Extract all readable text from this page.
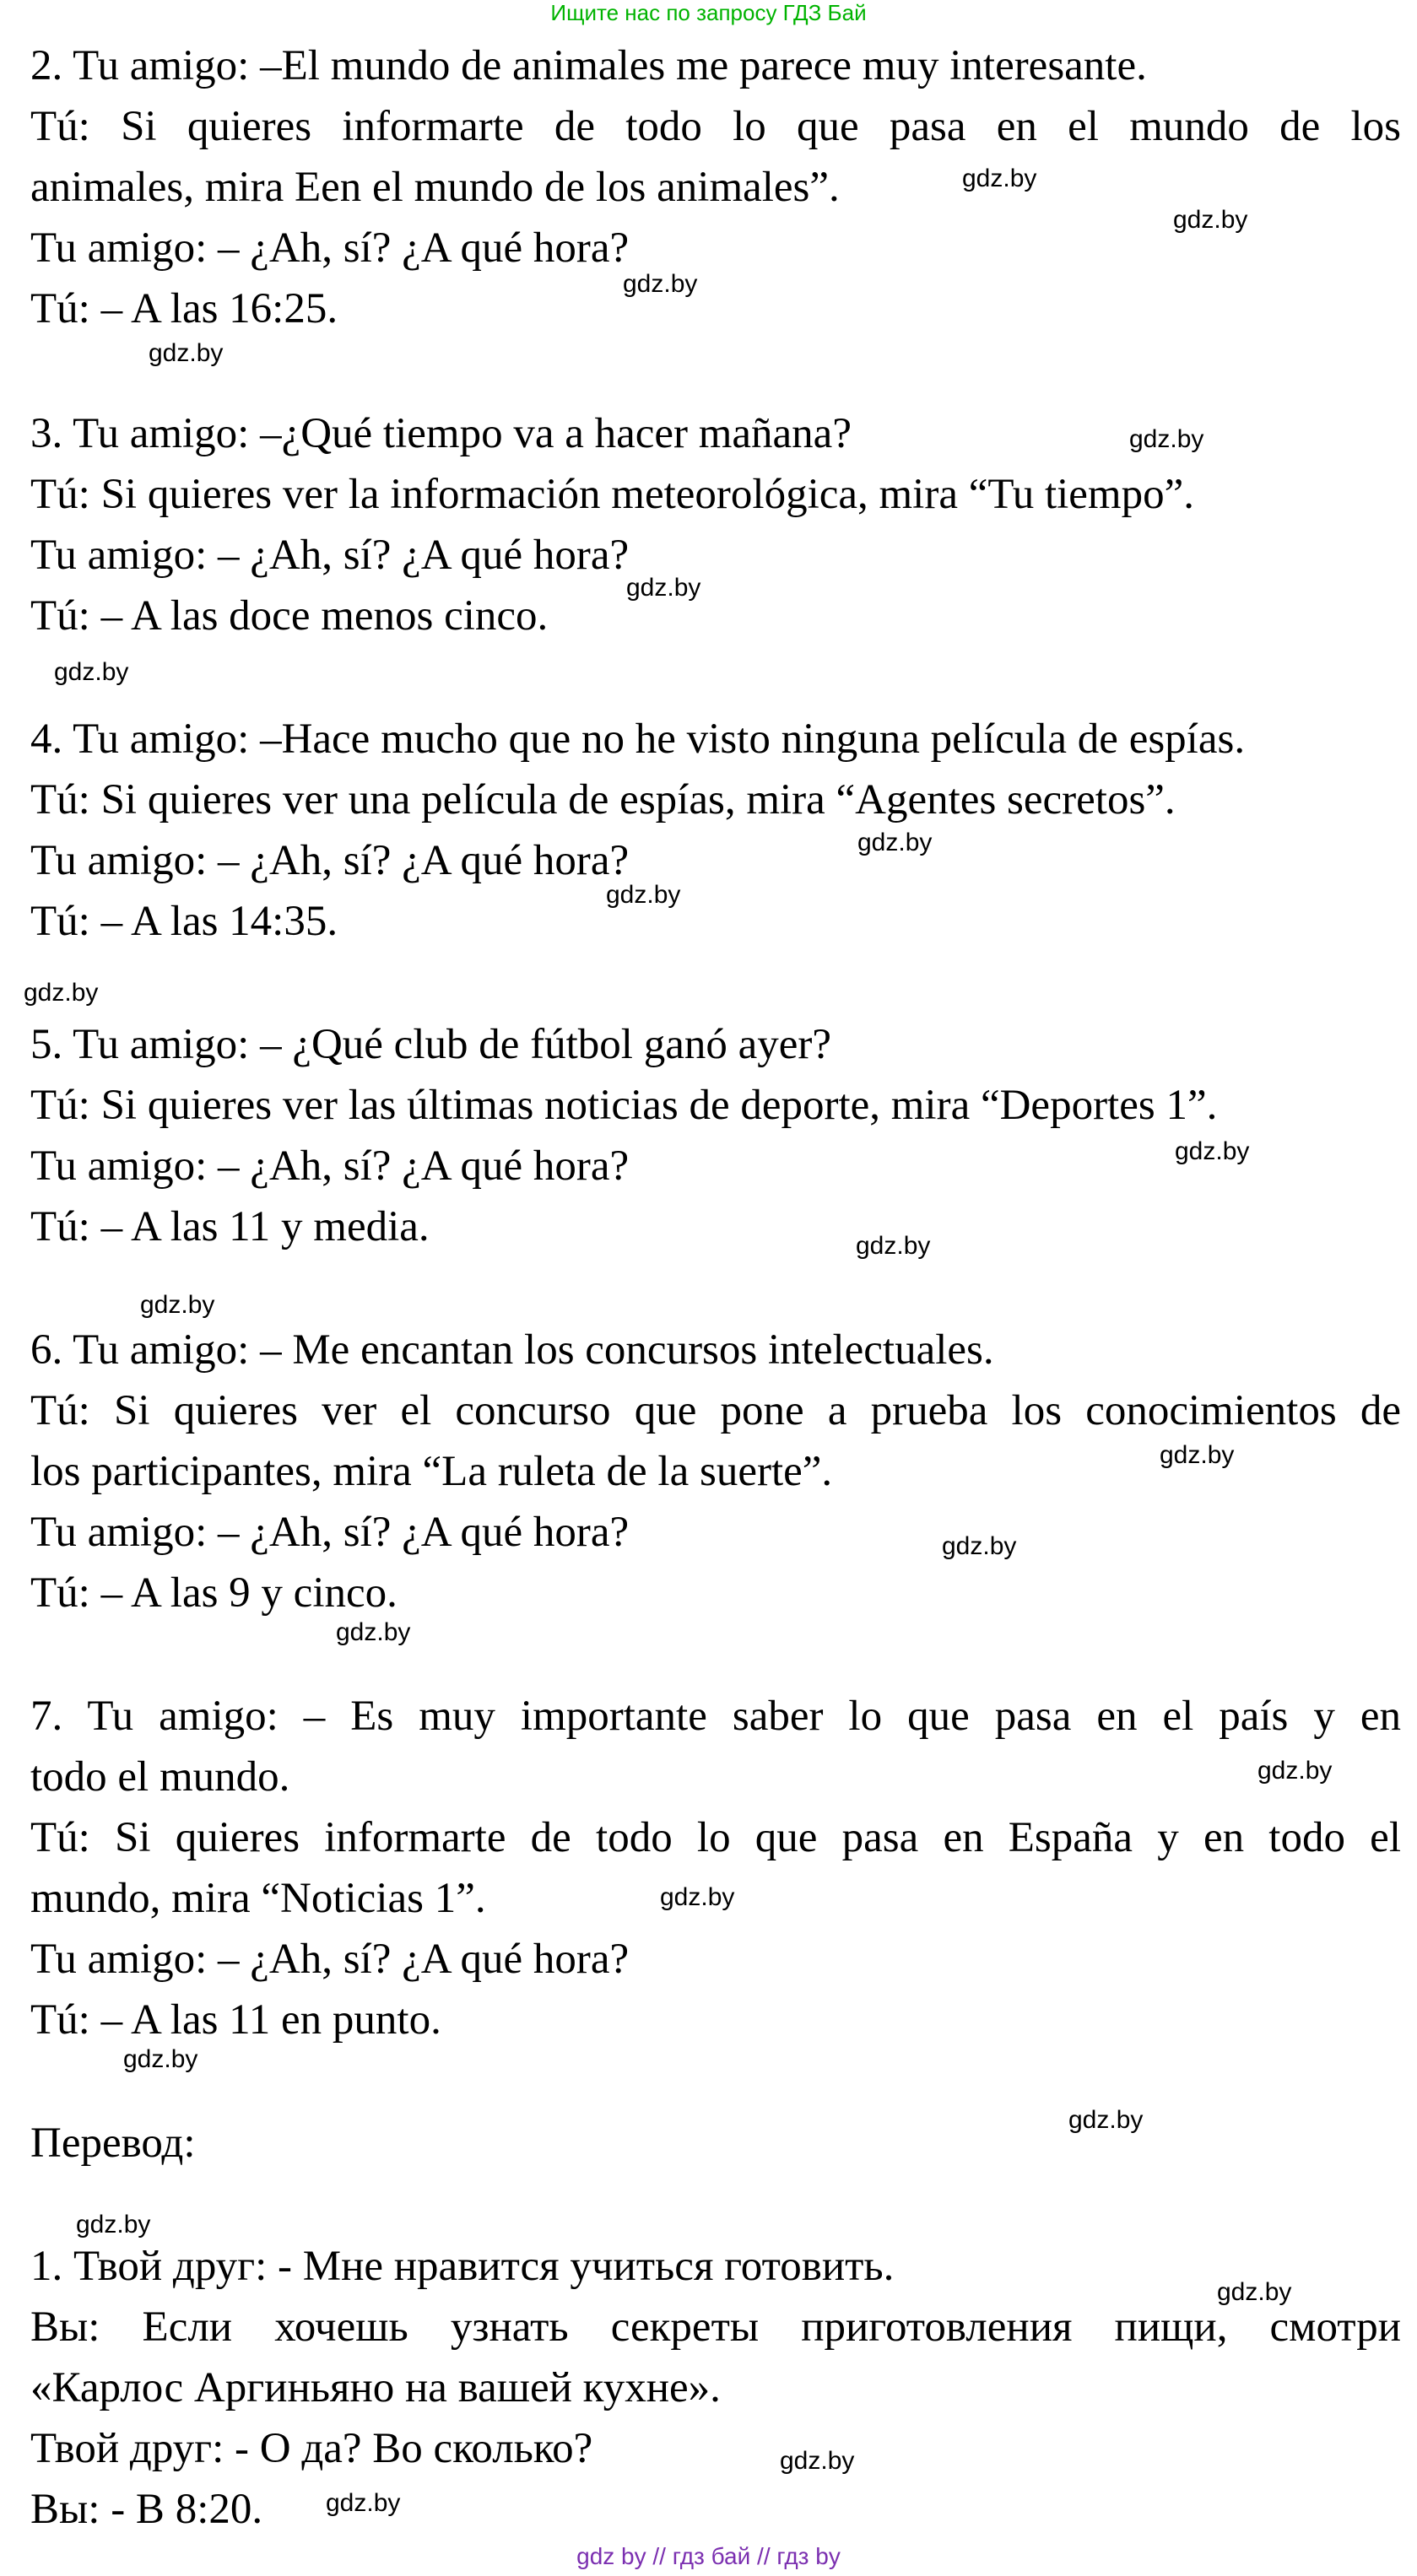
Ищите нас по запросу ГДЗ Бай
2. Tu amigo: –El mundo de animales me parece muy interesante.
Tú: Si quieres informarte de todo lo que pasa en el mundo de los
animales, mira Een el mundo de los animales”.
Tu amigo: – ¿Ah, sí? ¿A qué hora?
Tú: – A las 16:25.
3. Tu amigo: –¿Qué tiempo va a hacer mañana?
Tú: Si quieres ver la información meteorológica, mira “Tu tiempo”.
Tu amigo: – ¿Ah, sí? ¿A qué hora?
Tú: – A las doce menos cinco.
4. Tu amigo: –Hace mucho que no he visto ninguna película de espías.
Tú: Si quieres ver una película de espías, mira “Agentes secretos”.
Tu amigo: – ¿Ah, sí? ¿A qué hora?
Tú: – A las 14:35.
5. Tu amigo: – ¿Qué club de fútbol ganó ayer?
Tú: Si quieres ver las últimas noticias de deporte, mira “Deportes 1”.
Tu amigo: – ¿Ah, sí? ¿A qué hora?
Tú: – A las 11 y media.
6. Tu amigo: – Me encantan los concursos intelectuales.
Tú: Si quieres ver el concurso que pone a prueba los conocimientos de
los participantes, mira “La ruleta de la suerte”.
Tu amigo: – ¿Ah, sí? ¿A qué hora?
Tú: – A las 9 y cinco.
7. Tu amigo: – Es muy importante saber lo que pasa en el país y en
todo el mundo.
Tú: Si quieres informarte de todo lo que pasa en España y en todo el
mundo, mira “Noticias 1”.
Tu amigo: – ¿Ah, sí? ¿A qué hora?
Tú: – A las 11 en punto.
Перевод:
1. Твой друг: - Мне нравится учиться готовить.
Вы: Если хочешь узнать секреты приготовления пищи, смотри
«Карлос Аргиньяно на вашей кухне».
Твой друг: - О да? Во сколько?
Вы: - В 8:20.
gdz.by
gdz.by
gdz.by
gdz.by
gdz.by
gdz.by
gdz.by
gdz.by
gdz.by
gdz.by
gdz.by
gdz.by
gdz.by
gdz.by
gdz.by
gdz.by
gdz.by
gdz.by
gdz.by
gdz.by
gdz.by
gdz.by
gdz.by
gdz.by
gdz by // гдз бай // гдз by
